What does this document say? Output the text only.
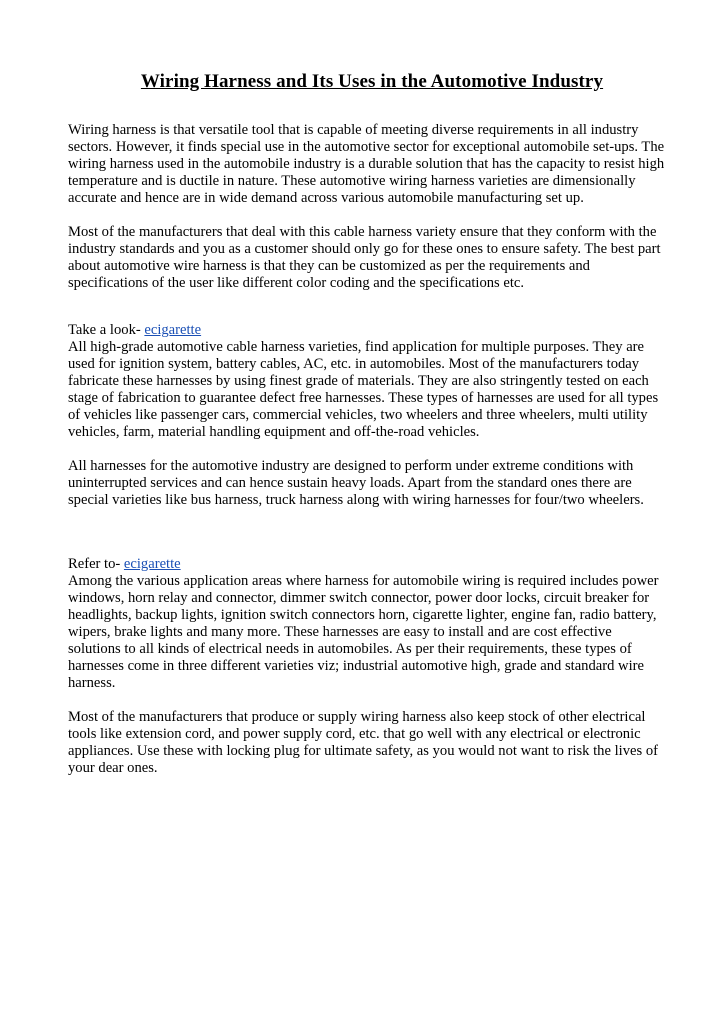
Wiring Harness and Its Uses in the Automotive Industry

Wiring harness is that versatile tool that is capable of meeting diverse requirements in all industry sectors. However, it finds special use in the automotive sector for exceptional automobile set-ups. The wiring harness used in the automobile industry is a durable solution that has the capacity to resist high temperature and is ductile in nature. These automotive wiring harness varieties are dimensionally accurate and hence are in wide demand across various automobile manufacturing set up.

Most of the manufacturers that deal with this cable harness variety ensure that they conform with the industry standards and you as a customer should only go for these ones to ensure safety. The best part about automotive wire harness is that they can be customized as per the requirements and specifications of the user like different color coding and the specifications etc.

Take a look- ecigarette

All high-grade automotive cable harness varieties, find application for multiple purposes. They are used for ignition system, battery cables, AC, etc. in automobiles. Most of the manufacturers today fabricate these harnesses by using finest grade of materials. They are also stringently tested on each stage of fabrication to guarantee defect free harnesses. These types of harnesses are used for all types of vehicles like passenger cars, commercial vehicles, two wheelers and three wheelers, multi utility vehicles, farm, material handling equipment and off-the-road vehicles.

All harnesses for the automotive industry are designed to perform under extreme conditions with uninterrupted services and can hence sustain heavy loads. Apart from the standard ones there are special varieties like bus harness, truck harness along with wiring harnesses for four/two wheelers.

Refer to- ecigarette

Among the various application areas where harness for automobile wiring is required includes power windows, horn relay and connector, dimmer switch connector, power door locks, circuit breaker for headlights, backup lights, ignition switch connectors horn, cigarette lighter, engine fan, radio battery, wipers, brake lights and many more. These harnesses are easy to install and are cost effective solutions to all kinds of electrical needs in automobiles. As per their requirements, these types of harnesses come in three different varieties viz; industrial automotive high, grade and standard wire harness.

Most of the manufacturers that produce or supply wiring harness also keep stock of other electrical tools like extension cord, and power supply cord, etc. that go well with any electrical or electronic appliances. Use these with locking plug for ultimate safety, as you would not want to risk the lives of your dear ones.
